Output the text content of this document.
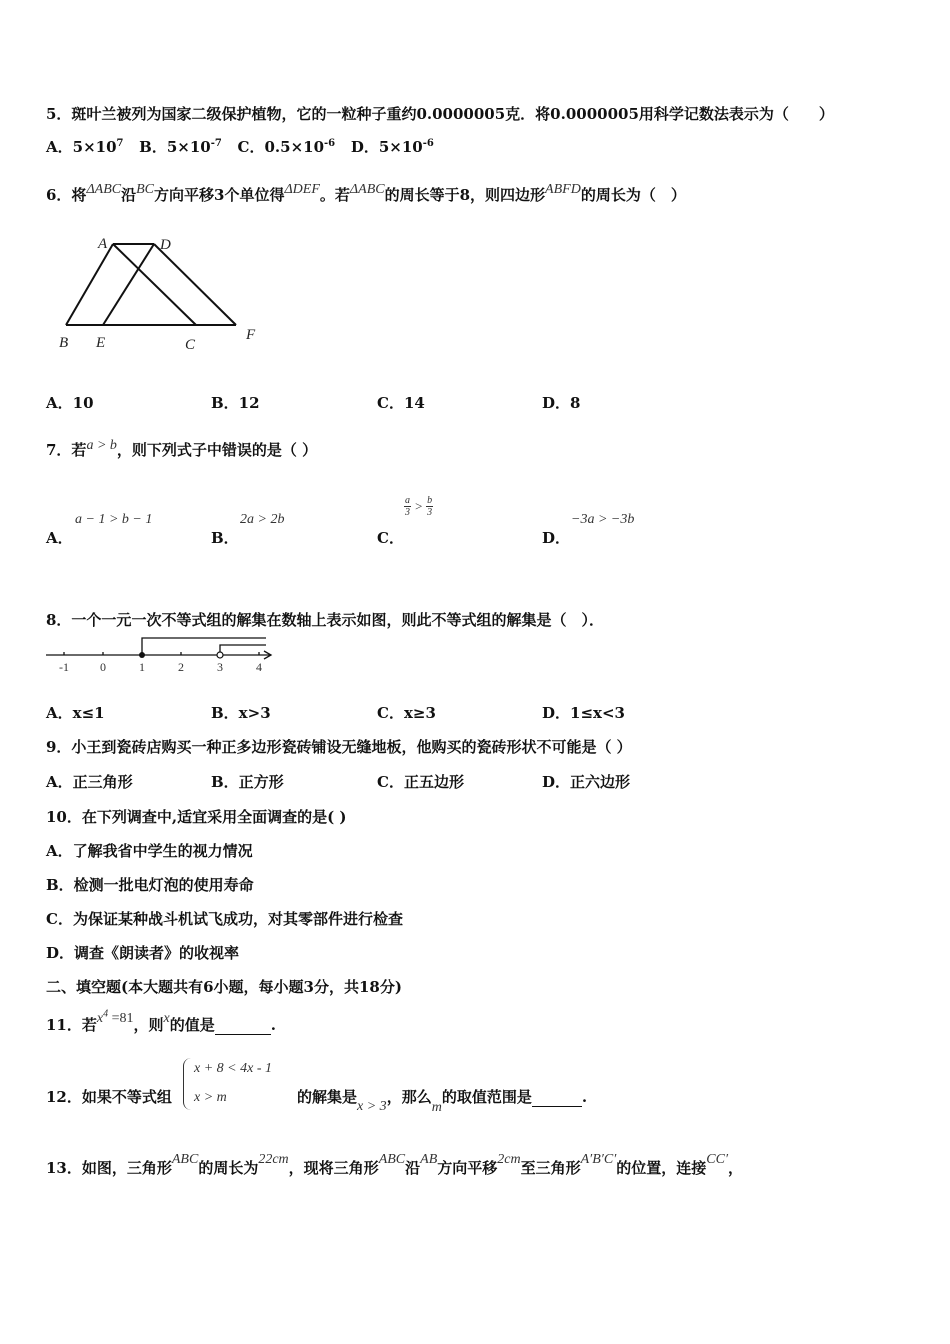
5．斑叶兰被列为国家二级保护植物，它的一粒种子重约0.0000005克．将0.0000005用科学记数法表示为（　　）
A．$5\times 10^7$ B．$5\times 10^{-7}$ C．$0.5\times 10^{-6}$ D．$5\times 10^{-6}$
6．将ΔABC沿BC方向平移3个单位得ΔDEF。若ΔABC的周长等于8，则四边形ABFD的周长为（　）
A	D
B E	C
F
A．10	B．12	C．14	D．8
7．若a > b，则下列式子中错误的是（ ）
A．
a − 1 > b − 1
B．
2a > 2b
C．
$\frac{a}{3} > \frac{b}{3}$
D．
−3a > −3b
8．一个一元一次不等式组的解集在数轴上表示如图，则此不等式组的解集是（　）．
-1	0	1	2	3	4
A．x≤1	B．x>3	C．x≥3	D．1≤x<3
9．小王到瓷砖店购买一种正多边形瓷砖铺设无缝地板，他购买的瓷砖形状不可能是（ ）
A．正三角形	B．正方形	C．正五边形	D．正六边形
10．在下列调查中,适宜采用全面调查的是( )
A．了解我省中学生的视力情况
B．检测一批电灯泡的使用寿命
C．为保证某种战斗机试飞成功，对其零部件进行检查
D．调查《朗读者》的收视率
二、填空题(本大题共有6小题，每小题3分，共18分)
11．若$x^4 =81$，则x的值是	.
12．如果不等式组
x + 8 < 4x - 1
x > m	的解集是x > 3，那么m的取值范围是	.
13．如图，三角形ABC的周长为22cm，现将三角形ABC沿AB方向平移2cm至三角形A′B′C′的位置，连接CC′，
